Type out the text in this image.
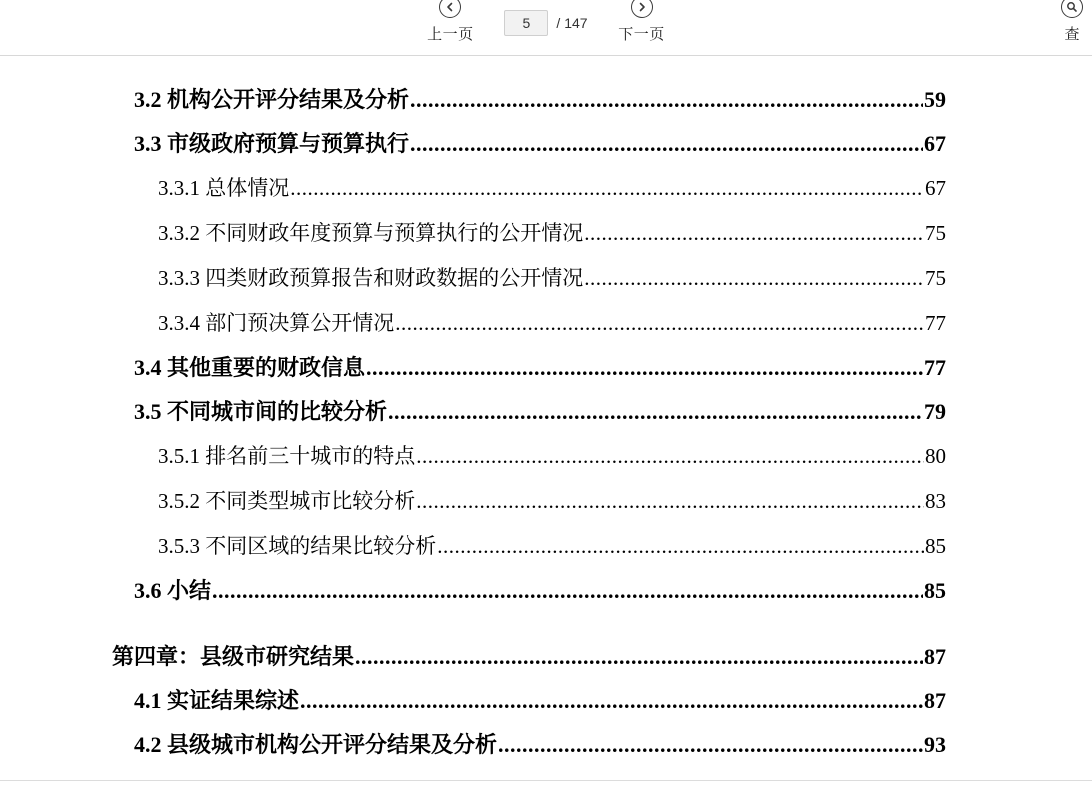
上一页
5
/ 147
下一页	查
3.2 机构公开评分结果及分析 .....	59
3.3 市级政府预算与预算执行 .....	67
3.3.1 总体情况 .....	67
3.3.2 不同财政年度预算与预算执行的公开情况 .....	75
3.3.3 四类财政预算报告和财政数据的公开情况 .....	75
3.3.4 部门预决算公开情况 .....	77
3.4 其他重要的财政信息 .....	77
3.5 不同城市间的比较分析 .....	79
3.5.1 排名前三十城市的特点 .....	80
3.5.2 不同类型城市比较分析 .....	83
3.5.3 不同区域的结果比较分析 .....	85
3.6 小结 .....	85
第四章：县级市研究结果 .....	87
4.1 实证结果综述 .....	87
4.2 县级城市机构公开评分结果及分析 .....	93
